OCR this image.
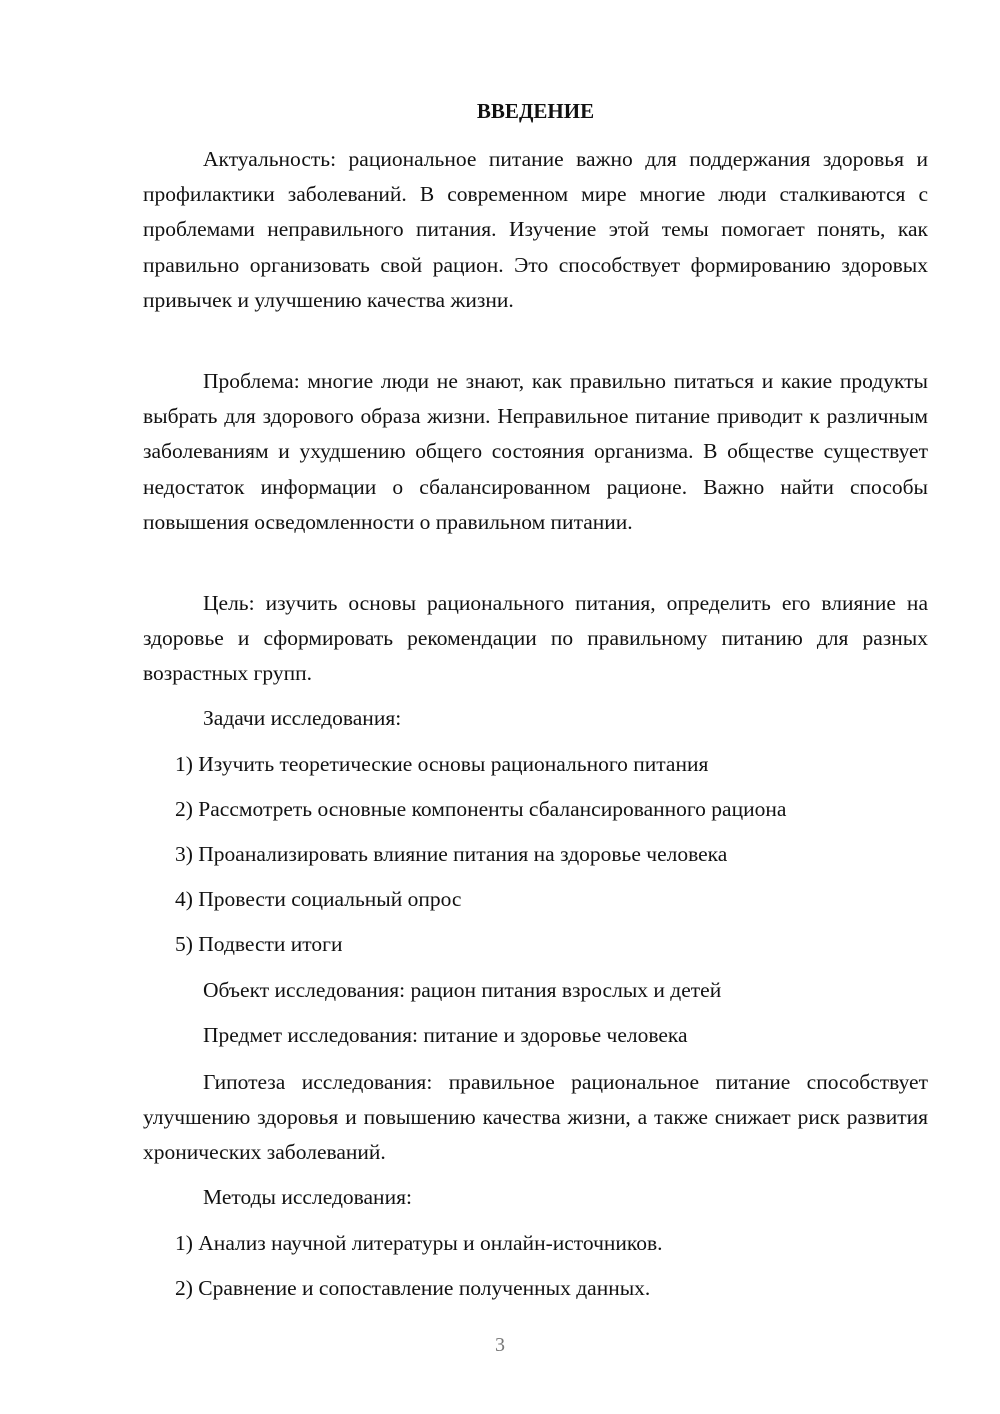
ВВЕДЕНИЕ

Актуальность: рациональное питание важно для поддержания здоровья и профилактики заболеваний. В современном мире многие люди сталкиваются с проблемами неправильного питания. Изучение этой темы помогает понять, как правильно организовать свой рацион. Это способствует формированию здоровых привычек и улучшению качества жизни.

Проблема: многие люди не знают, как правильно питаться и какие продукты выбрать для здорового образа жизни. Неправильное питание приводит к различным заболеваниям и ухудшению общего состояния организма. В обществе существует недостаток информации о сбалансированном рационе. Важно найти способы повышения осведомленности о правильном питании.

Цель: изучить основы рационального питания, определить его влияние на здоровье и сформировать рекомендации по правильному питанию для разных возрастных групп.

Задачи исследования:

1) Изучить теоретические основы рационального питания

2) Рассмотреть основные компоненты сбалансированного рациона

3) Проанализировать влияние питания на здоровье человека

4) Провести социальный опрос

5) Подвести итоги

Объект исследования: рацион питания взрослых и детей

Предмет исследования: питание и здоровье человека

Гипотеза исследования: правильное рациональное питание способствует улучшению здоровья и повышению качества жизни, а также снижает риск развития хронических заболеваний.

Методы исследования:

1) Анализ научной литературы и онлайн-источников.

2) Сравнение и сопоставление полученных данных.

3
